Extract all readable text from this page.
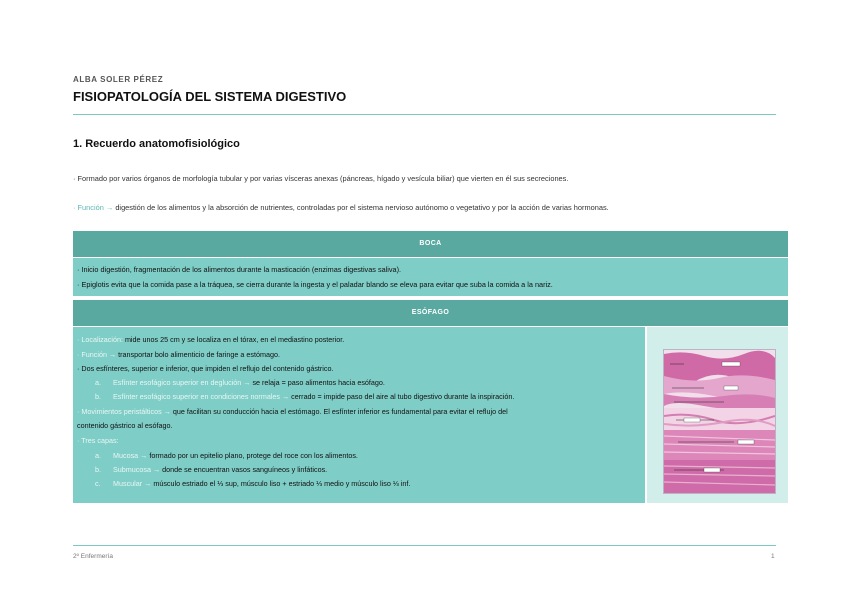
ALBA SOLER PÉREZ
FISIOPATOLOGÍA DEL SISTEMA DIGESTIVO
1. Recuerdo anatomofisiológico
· Formado por varios órganos de morfología tubular y por varias vísceras anexas (páncreas, hígado y vesícula biliar) que vierten en él sus secreciones.
· Función → digestión de los alimentos y la absorción de nutrientes, controladas por el sistema nervioso autónomo o vegetativo y por la acción de varias hormonas.
BOCA
· Inicio digestión, fragmentación de los alimentos durante la masticación (enzimas digestivas saliva).
· Epiglotis evita que la comida pase a la tráquea, se cierra durante la ingesta y el paladar blando se eleva para evitar que suba la comida a la nariz.
ESÓFAGO
· Localización: mide unos 25 cm y se localiza en el tórax, en el mediastino posterior.
· Función → transportar bolo alimenticio de faringe a estómago.
· Dos esfínteres, superior e inferior, que impiden el reflujo del contenido gástrico.
a. Esfínter esofágico superior en deglución → se relaja = paso alimentos hacia esófago.
b. Esfínter esofágico superior en condiciones normales → cerrado = impide paso del aire al tubo digestivo durante la inspiración.
· Movimientos peristálticos → que facilitan su conducción hacia el estómago. El esfínter inferior es fundamental para evitar el reflujo del
contenido gástrico al esófago.
· Tres capas:
a. Mucosa → formado por un epitelio plano, protege del roce con los alimentos.
b. Submucosa → donde se encuentran vasos sanguíneos y linfáticos.
c. Muscular → músculo estriado el ⅓ sup, músculo liso + estriado ⅓ medio y músculo liso ⅓ inf.
2º Enfermería	1
